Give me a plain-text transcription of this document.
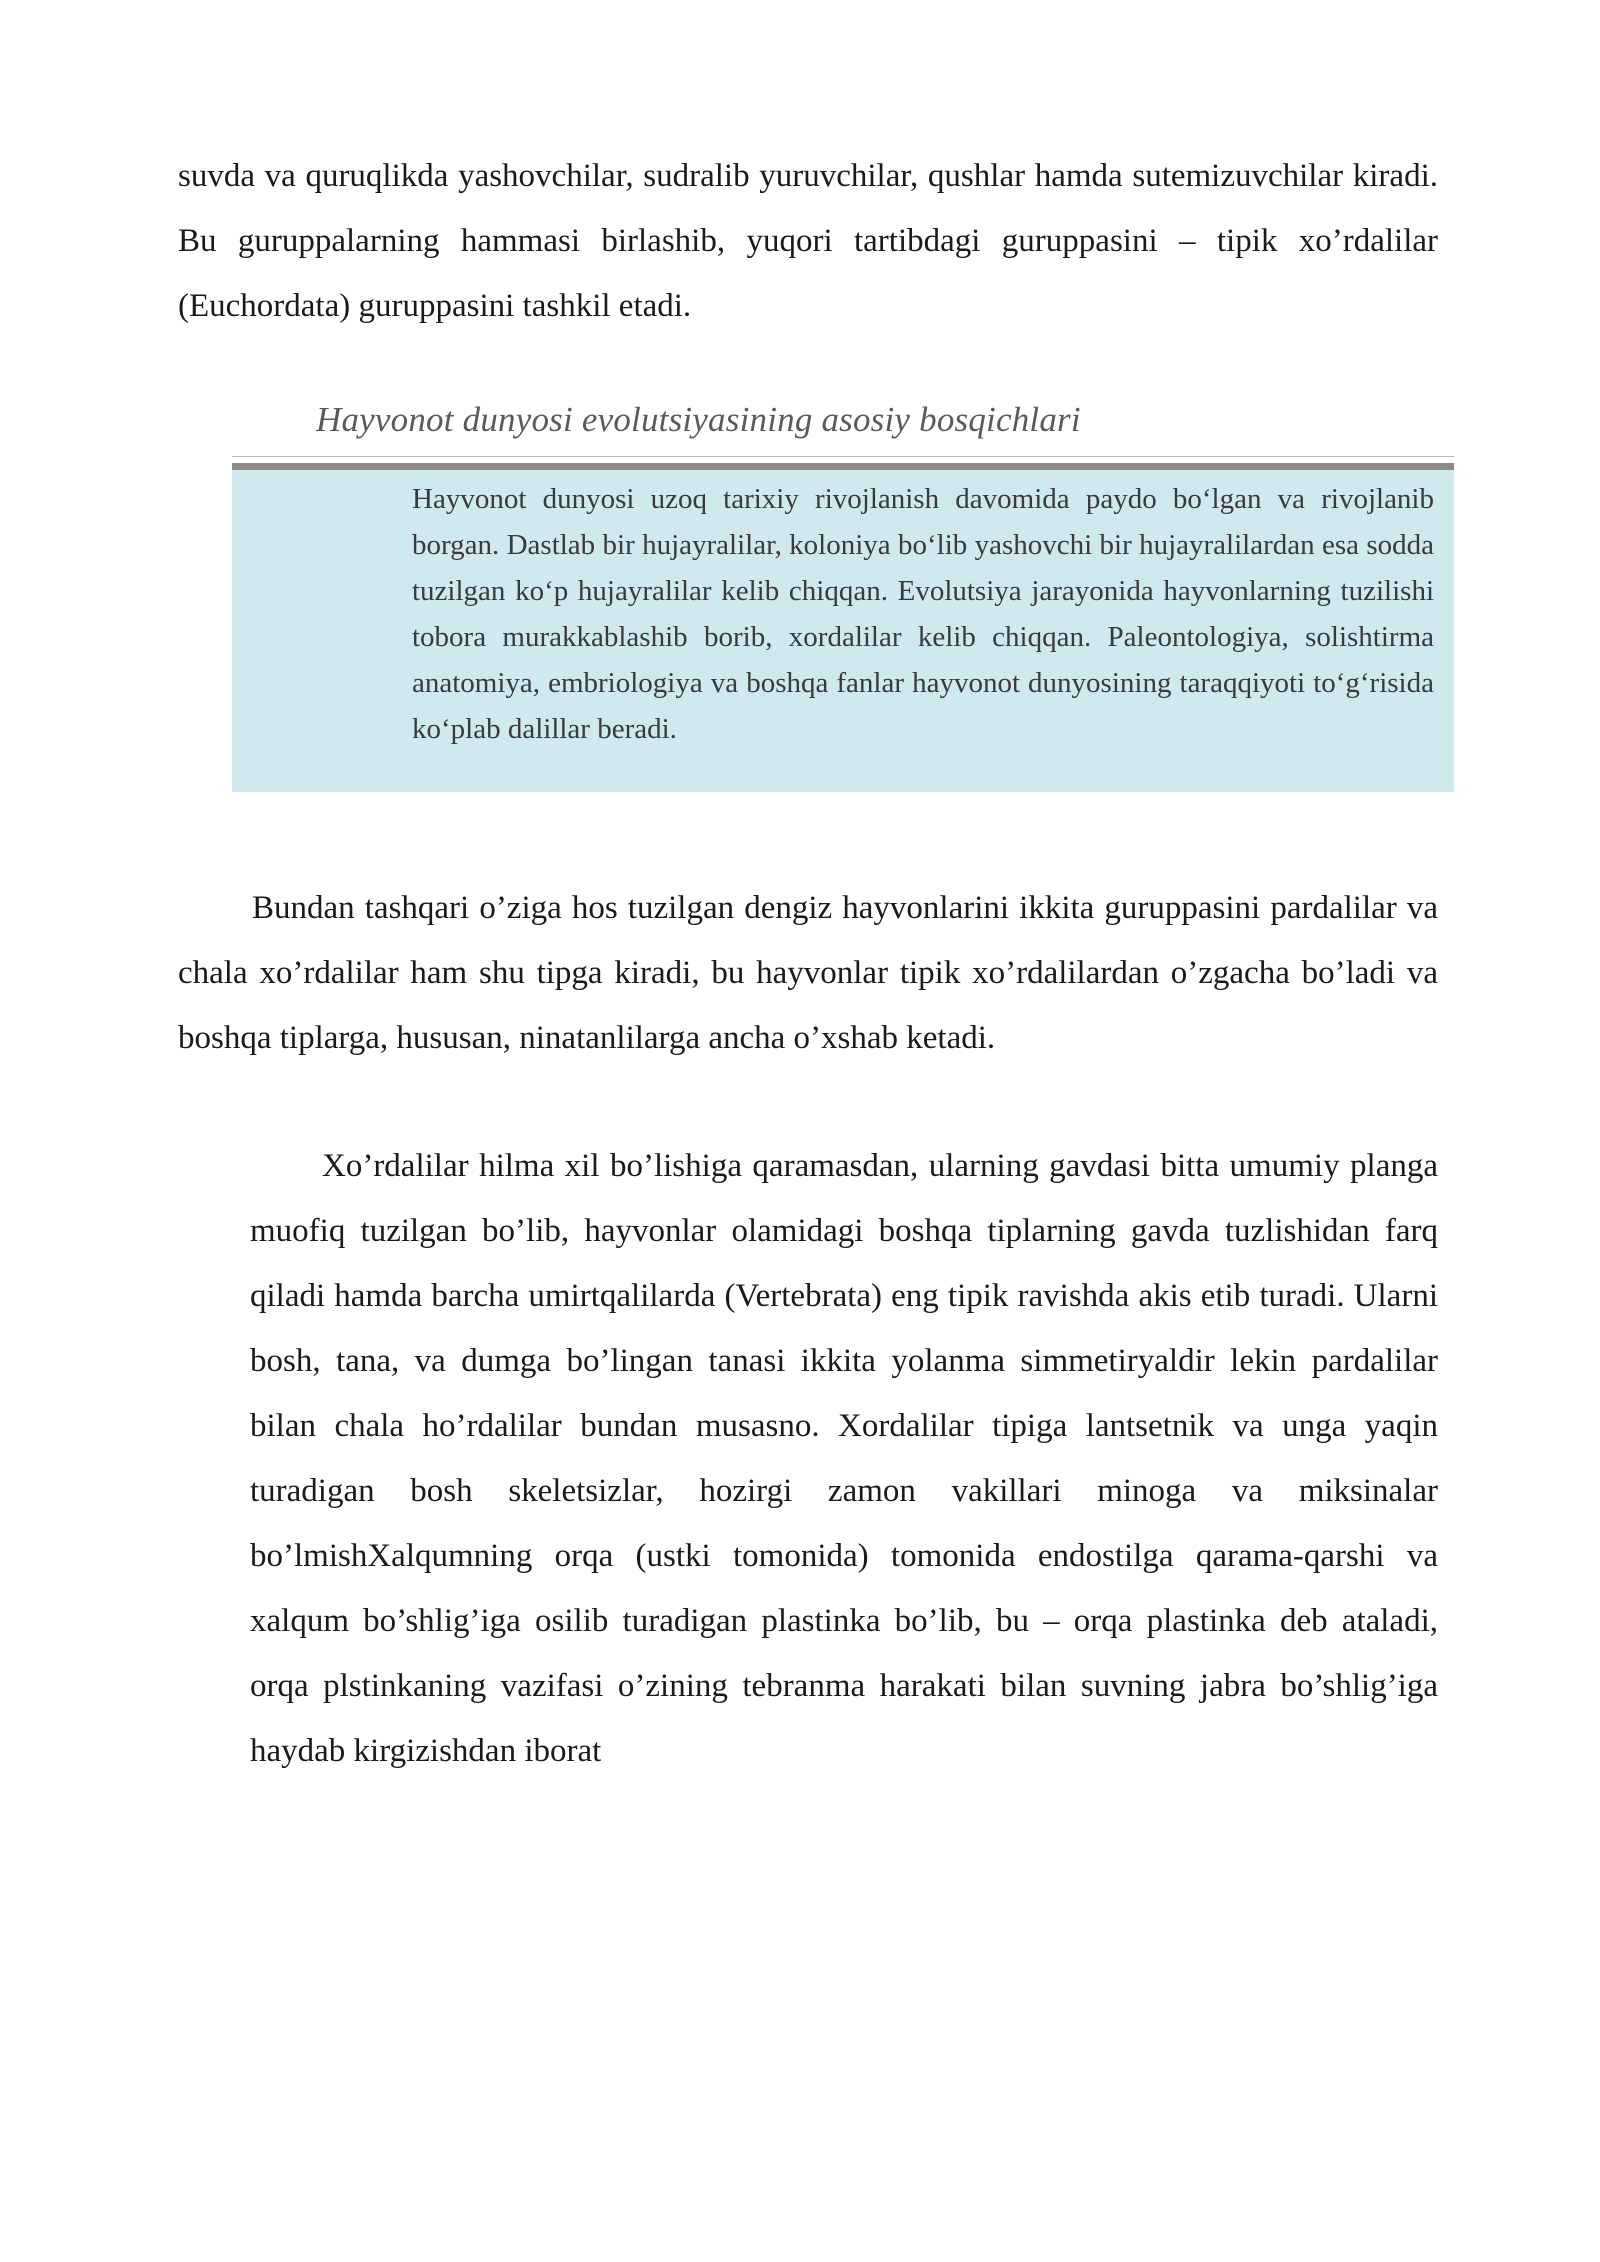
suvda va quruqlikda yashovchilar, sudralib yuruvchilar, qushlar hamda sutemizuvchilar kiradi. Bu guruppalarning hammasi birlashib, yuqori tartibdagi guruppasini – tipik xo’rdalilar (Euchordata) guruppasini tashkil etadi.

Hayvonot dunyosi evolutsiyasining asosiy bosqichlari
Hayvonot dunyosi uzoq tarixiy rivojlanish davomida paydo bo‘lgan va rivojlanib borgan. Dastlab bir hujayralilar, koloniya bo‘lib yashovchi bir hujayralilardan esa sodda tuzilgan ko‘p hujayralilar kelib chiqqan. Evolutsiya jarayonida hayvonlarning tuzilishi tobora murakkablashib borib, xordalilar kelib chiqqan. Paleontologiya, solishtirma anatomiya, embriologiya va boshqa fanlar hayvonot dunyosining taraqqiyoti to‘g‘risida ko‘plab dalillar beradi.

Bundan tashqari o’ziga hos tuzilgan dengiz hayvonlarini ikkita guruppasini pardalilar va chala xo’rdalilar ham shu tipga kiradi, bu hayvonlar tipik xo’rdalilardan o’zgacha bo’ladi va boshqa tiplarga, hususan, ninatanlilarga ancha o’xshab ketadi.

Xo’rdalilar hilma xil bo’lishiga qaramasdan, ularning gavdasi bitta umumiy planga muofiq tuzilgan bo’lib, hayvonlar olamidagi boshqa tiplarning gavda tuzlishidan farq qiladi hamda barcha umirtqalilarda (Vertebrata) eng tipik ravishda akis etib turadi. Ularni bosh, tana, va dumga bo’lingan tanasi ikkita yolanma simmetiryaldir lekin pardalilar bilan chala ho’rdalilar bundan musasno. Xordalilar tipiga lantsetnik va unga yaqin turadigan bosh skeletsizlar, hozirgi zamon vakillari minoga va miksinalar bo’lmishXalqumning orqa (ustki tomonida) tomonida endostilga qarama-qarshi va xalqum bo’shlig’iga osilib turadigan plastinka bo’lib, bu – orqa plastinka deb ataladi, orqa plstinkaning vazifasi o’zining tebranma harakati bilan suvning jabra bo’shlig’iga haydab kirgizishdan iborat
